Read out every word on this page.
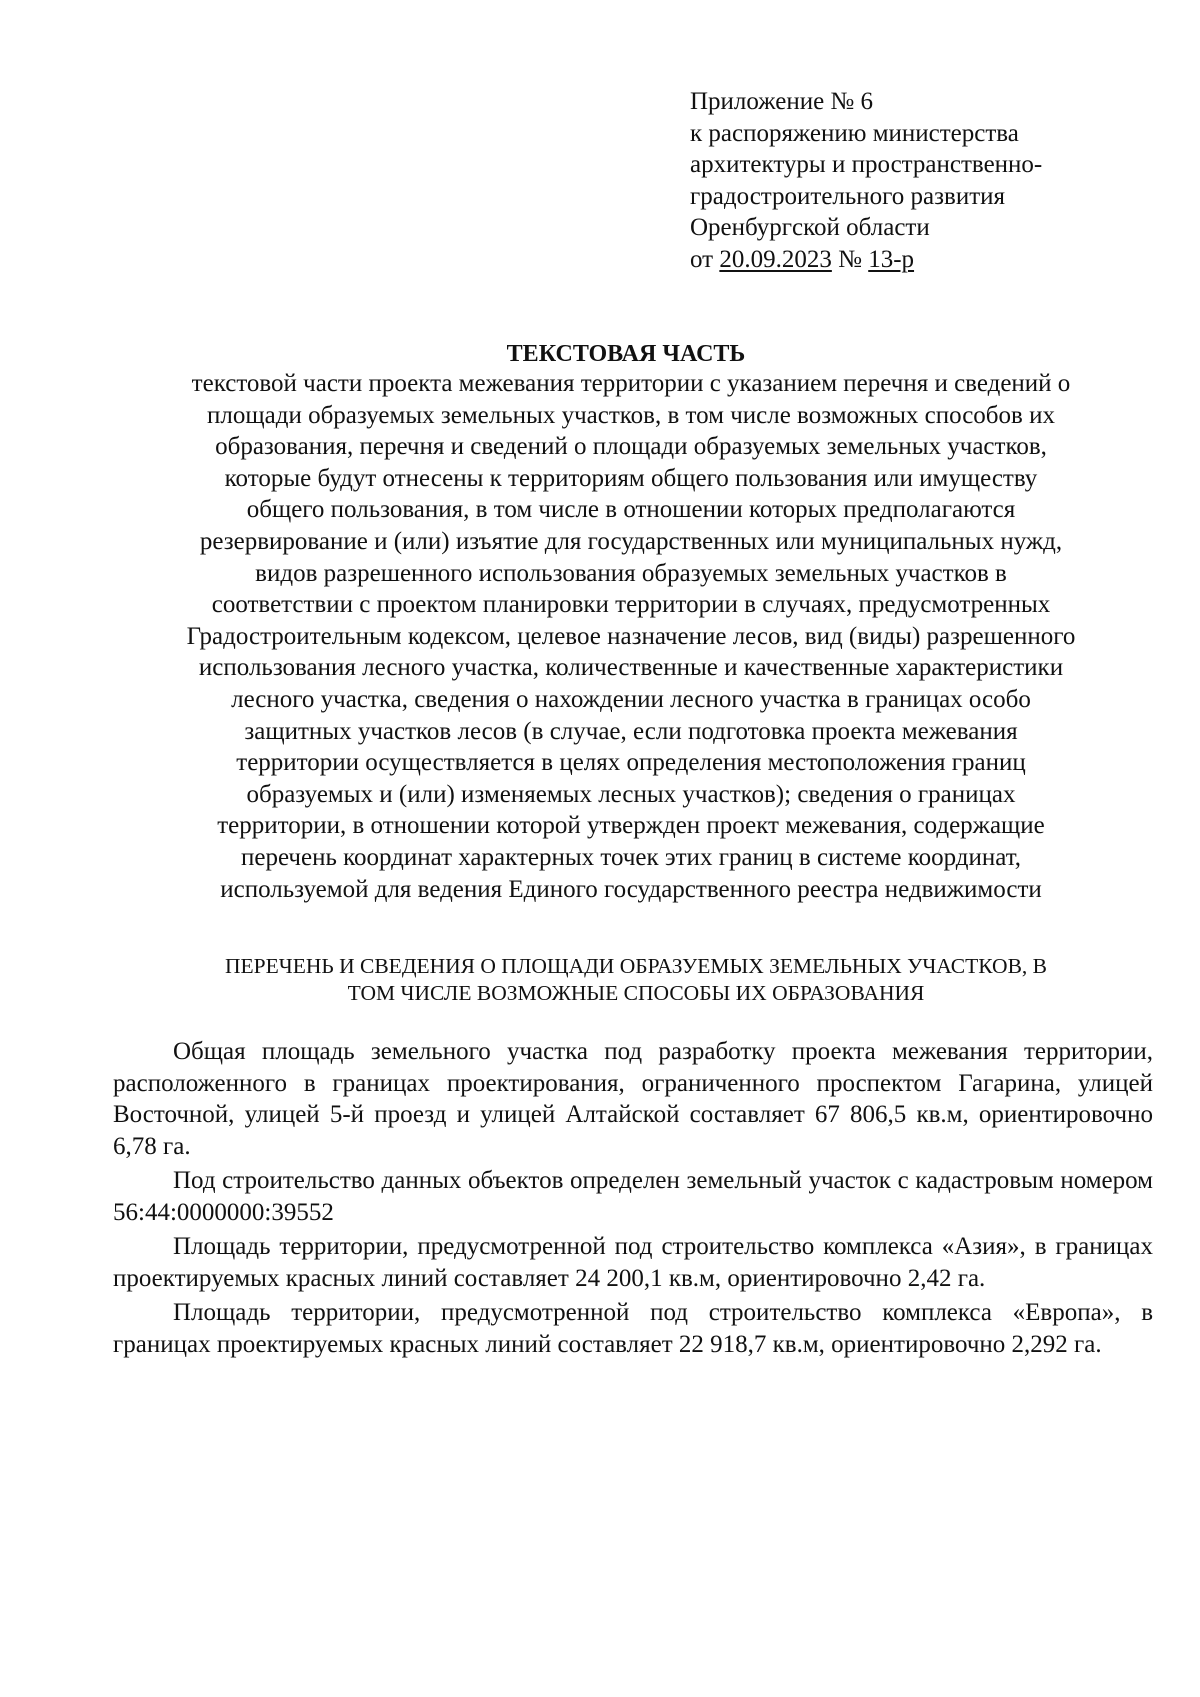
Приложение № 6
к распоряжению министерства
архитектуры и пространственно-
градостроительного развития
Оренбургской области
от 20.09.2023 № 13-р
ТЕКСТОВАЯ ЧАСТЬ
текстовой части проекта межевания территории с указанием перечня и сведений о
площади образуемых земельных участков, в том числе возможных способов их
образования, перечня и сведений о площади образуемых земельных участков,
которые будут отнесены к территориям общего пользования или имуществу
общего пользования, в том числе в отношении которых предполагаются
резервирование и (или) изъятие для государственных или муниципальных нужд,
видов разрешенного использования образуемых земельных участков в
соответствии с проектом планировки территории в случаях, предусмотренных
Градостроительным кодексом, целевое назначение лесов, вид (виды) разрешенного
использования лесного участка, количественные и качественные характеристики
лесного участка, сведения о нахождении лесного участка в границах особо
защитных участков лесов (в случае, если подготовка проекта межевания
территории осуществляется в целях определения местоположения границ
образуемых и (или) изменяемых лесных участков); сведения о границах
территории, в отношении которой утвержден проект межевания, содержащие
перечень координат характерных точек этих границ в системе координат,
используемой для ведения Единого государственного реестра недвижимости
ПЕРЕЧЕНЬ И СВЕДЕНИЯ О ПЛОЩАДИ ОБРАЗУЕМЫХ ЗЕМЕЛЬНЫХ УЧАСТКОВ, В
ТОМ ЧИСЛЕ ВОЗМОЖНЫЕ СПОСОБЫ ИХ ОБРАЗОВАНИЯ

Общая площадь земельного участка под разработку проекта межевания территории, расположенного в границах проектирования, ограниченного проспектом Гагарина, улицей Восточной, улицей 5-й проезд и улицей Алтайской составляет 67 806,5 кв.м, ориентировочно 6,78 га.

Под строительство данных объектов определен земельный участок с кадастровым номером 56:44:0000000:39552

Площадь территории, предусмотренной под строительство комплекса «Азия», в границах проектируемых красных линий составляет 24 200,1 кв.м, ориентировочно 2,42 га.

Площадь территории, предусмотренной под строительство комплекса «Европа», в границах проектируемых красных линий составляет 22 918,7 кв.м, ориентировочно 2,292 га.
